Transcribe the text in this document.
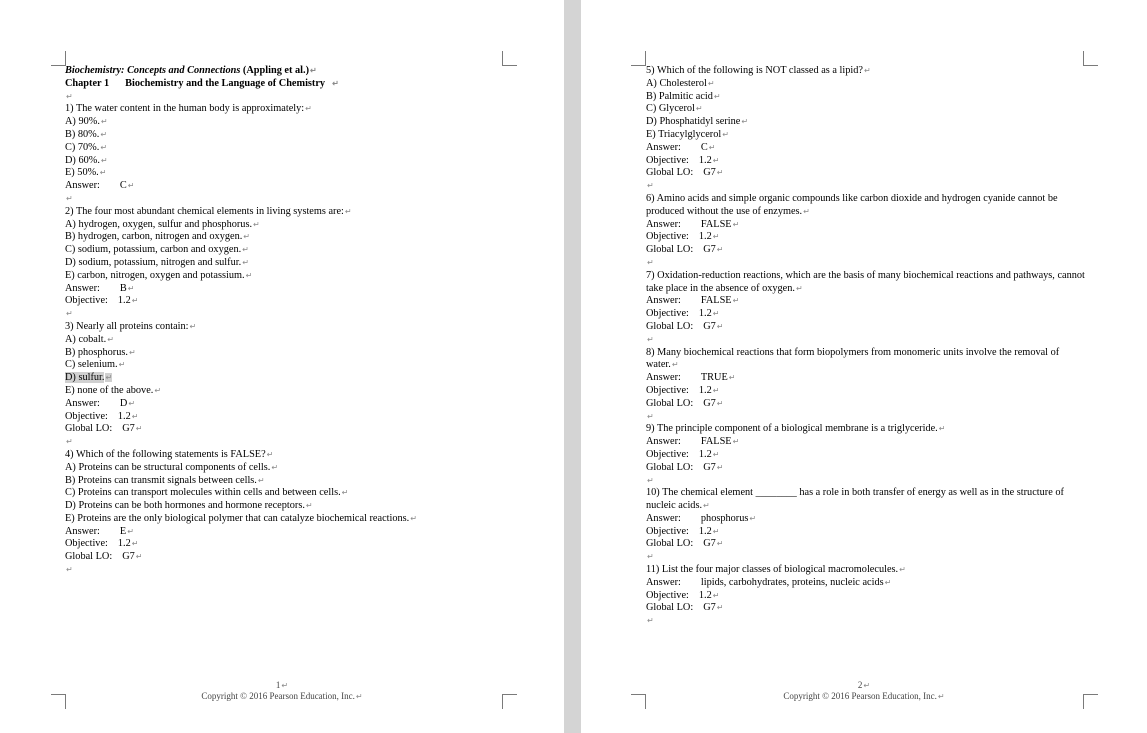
Biochemistry: Concepts and Connections (Appling et al.)↵
Chapter 1 Biochemistry and the Language of Chemistry ↵
↵
1) The water content in the human body is approximately:↵
A) 90%.↵
B) 80%.↵
C) 70%.↵
D) 60%.↵
E) 50%.↵
Answer: C↵
↵
2) The four most abundant chemical elements in living systems are:↵
A) hydrogen, oxygen, sulfur and phosphorus.↵
B) hydrogen, carbon, nitrogen and oxygen.↵
C) sodium, potassium, carbon and oxygen.↵
D) sodium, potassium, nitrogen and sulfur.↵
E) carbon, nitrogen, oxygen and potassium.↵
Answer: B↵
Objective: 1.2↵
↵
3) Nearly all proteins contain:↵
A) cobalt.↵
B) phosphorus.↵
C) selenium.↵
D) sulfur.↵
E) none of the above.↵
Answer: D↵
Objective: 1.2↵
Global LO: G7↵
↵
4) Which of the following statements is FALSE?↵
A) Proteins can be structural components of cells.↵
B) Proteins can transmit signals between cells.↵
C) Proteins can transport molecules within cells and between cells.↵
D) Proteins can be both hormones and hormone receptors.↵
E) Proteins are the only biological polymer that can catalyze biochemical reactions.↵
Answer: E↵
Objective: 1.2↵
Global LO: G7↵
↵
1↵
Copyright © 2016 Pearson Education, Inc.↵
5) Which of the following is NOT classed as a lipid?↵
A) Cholesterol↵
B) Palmitic acid↵
C) Glycerol↵
D) Phosphatidyl serine↵
E) Triacylglycerol↵
Answer: C↵
Objective: 1.2↵
Global LO: G7↵
↵
6) Amino acids and simple organic compounds like carbon dioxide and hydrogen cyanide cannot be produced without the use of enzymes.↵
Answer: FALSE↵
Objective: 1.2↵
Global LO: G7↵
↵
7) Oxidation-reduction reactions, which are the basis of many biochemical reactions and pathways, cannot take place in the absence of oxygen.↵
Answer: FALSE↵
Objective: 1.2↵
Global LO: G7↵
↵
8) Many biochemical reactions that form biopolymers from monomeric units involve the removal of water.↵
Answer: TRUE↵
Objective: 1.2↵
Global LO: G7↵
↵
9) The principle component of a biological membrane is a triglyceride.↵
Answer: FALSE↵
Objective: 1.2↵
Global LO: G7↵
↵
10) The chemical element ________ has a role in both transfer of energy as well as in the structure of nucleic acids.↵
Answer: phosphorus↵
Objective: 1.2↵
Global LO: G7↵
↵
11) List the four major classes of biological macromolecules.↵
Answer: lipids, carbohydrates, proteins, nucleic acids↵
Objective: 1.2↵
Global LO: G7↵
↵
2↵
Copyright © 2016 Pearson Education, Inc.↵
